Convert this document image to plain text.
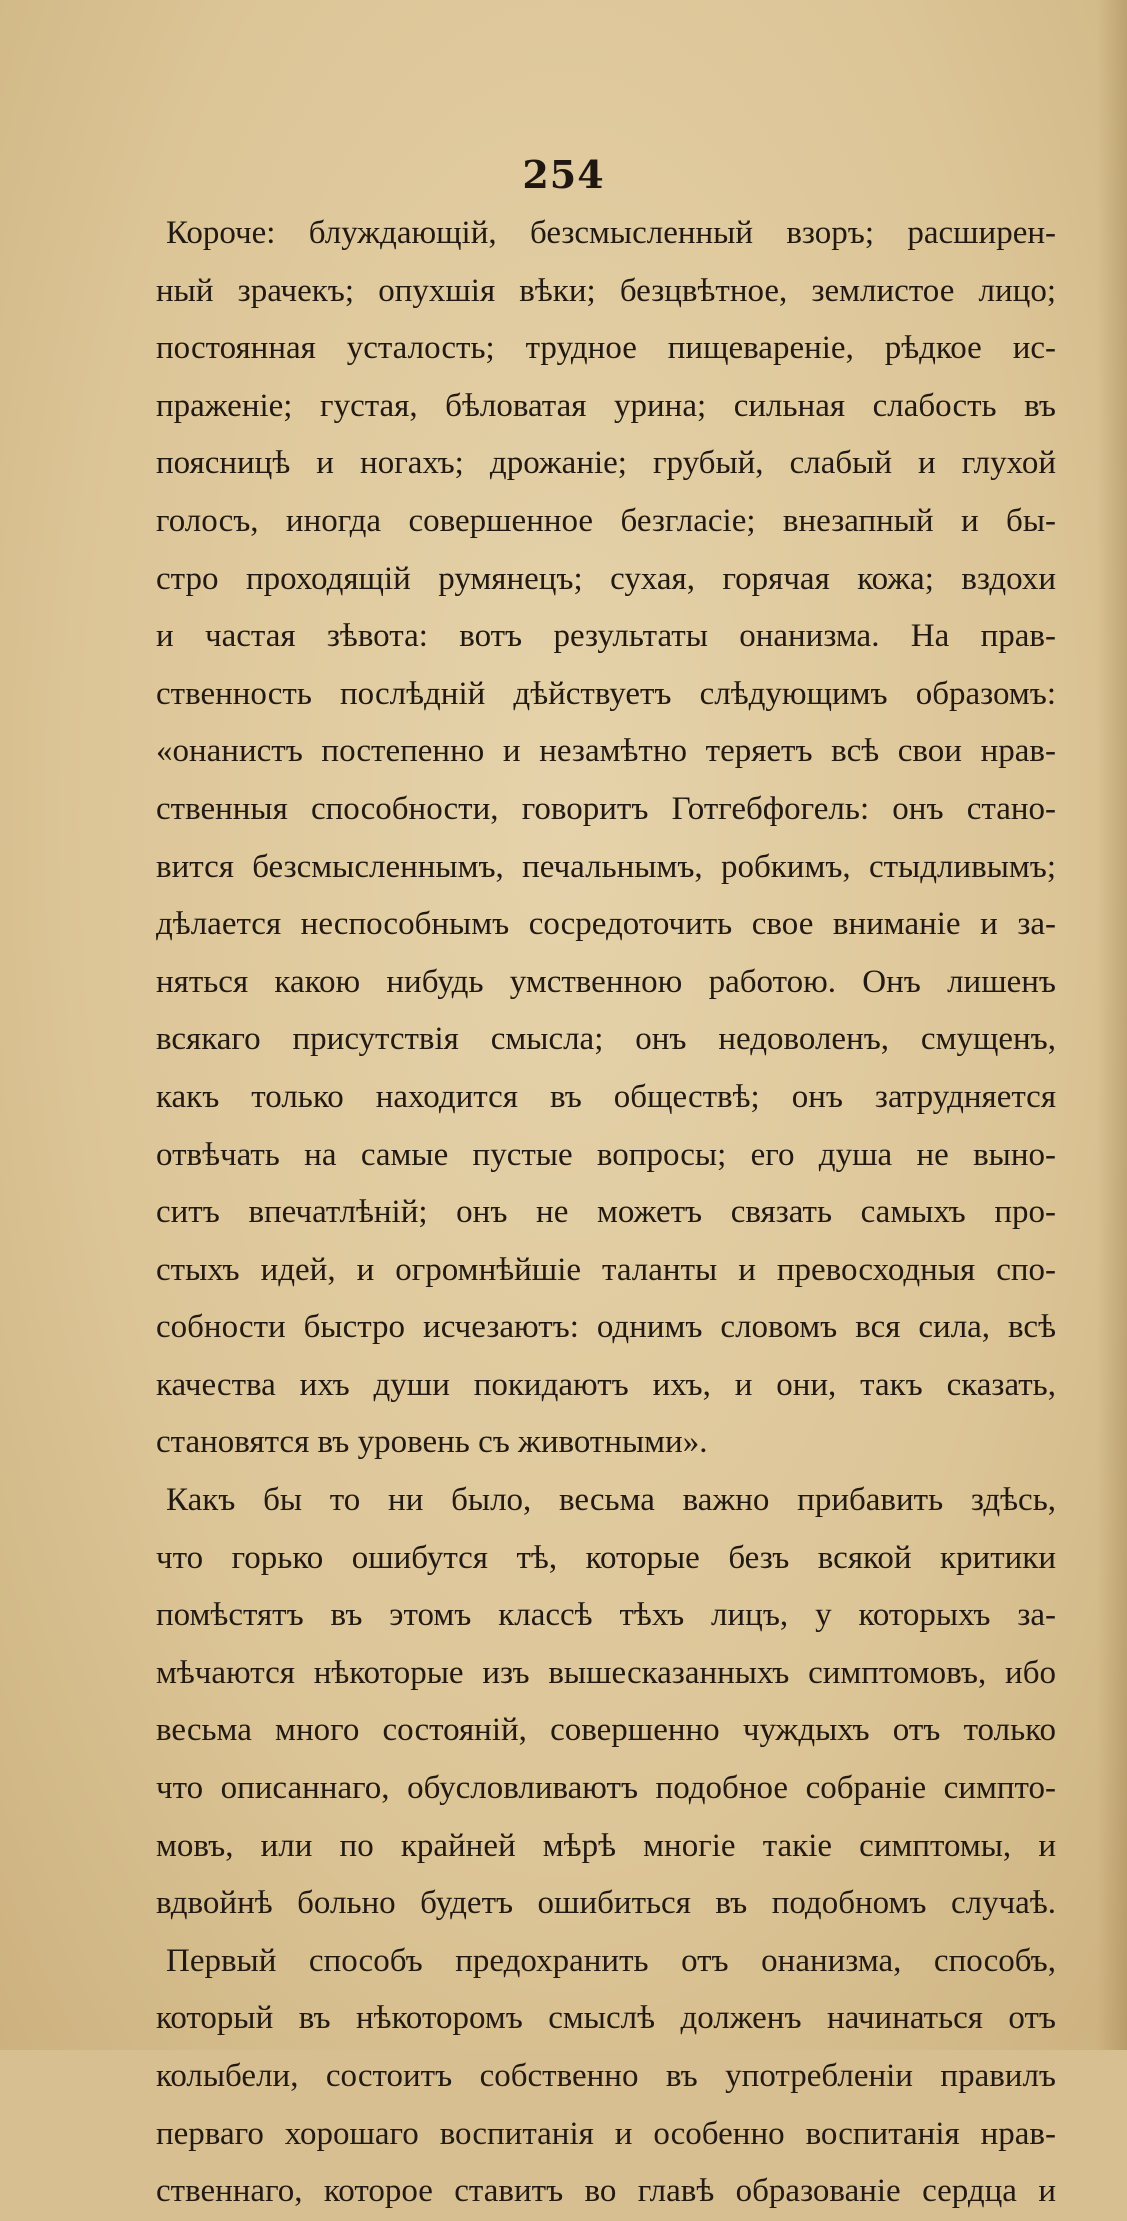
254
Короче: блуждающій, безсмысленный взоръ; расширен-
ный зрачекъ; опухшія вѣки; безцвѣтное, землистое лицо;
постоянная усталость; трудное пищевареніе, рѣдкое ис-
праженіе; густая, бѣловатая урина; сильная слабость въ
поясницѣ и ногахъ; дрожаніе; грубый, слабый и глухой
голосъ, иногда совершенное безгласіе; внезапный и бы-
стро проходящій румянецъ; сухая, горячая кожа; вздохи
и частая зѣвота: вотъ результаты онанизма. На прав-
ственность послѣдній дѣйствуетъ слѣдующимъ образомъ:
«онанистъ постепенно и незамѣтно теряетъ всѣ свои нрав-
ственныя способности, говоритъ Готгебфогель: онъ стано-
вится безсмысленнымъ, печальнымъ, робкимъ, стыдливымъ;
дѣлается неспособнымъ сосредоточить свое вниманіе и за-
няться какою нибудь умственною работою. Онъ лишенъ
всякаго присутствія смысла; онъ недоволенъ, смущенъ,
какъ только находится въ обществѣ; онъ затрудняется
отвѣчать на самые пустые вопросы; его душа не выно-
ситъ впечатлѣній; онъ не можетъ связать самыхъ про-
стыхъ идей, и огромнѣйшіе таланты и превосходныя спо-
собности быстро исчезаютъ: однимъ словомъ вся сила, всѣ
качества ихъ души покидаютъ ихъ, и они, такъ сказать,
становятся въ уровень съ животными».
Какъ бы то ни было, весьма важно прибавить здѣсь,
что горько ошибутся тѣ, которые безъ всякой критики
помѣстятъ въ этомъ классѣ тѣхъ лицъ, у которыхъ за-
мѣчаются нѣкоторые изъ вышесказанныхъ симптомовъ, ибо
весьма много состояній, совершенно чуждыхъ отъ только
что описаннаго, обусловливаютъ подобное собраніе симпто-
мовъ, или по крайней мѣрѣ многіе такіе симптомы, и
вдвойнѣ больно будетъ ошибиться въ подобномъ случаѣ.
Первый способъ предохранить отъ онанизма, способъ,
который въ нѣкоторомъ смыслѣ долженъ начинаться отъ
колыбели, состоитъ собственно въ употребленіи правилъ
перваго хорошаго воспитанія и особенно воспитанія нрав-
ственнаго, которое ставитъ во главѣ образованіе сердца и
